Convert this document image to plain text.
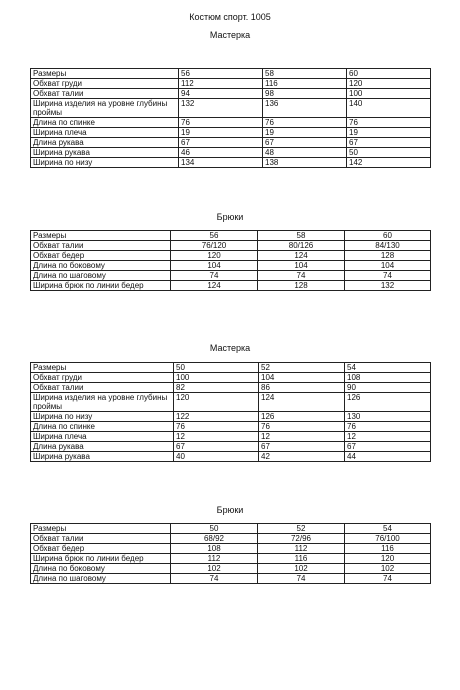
Костюм спорт. 1005
Мастерка
Размеры	56	58	60
Обхват груди	112	116	120
Обхват талии	94	98	100
Ширина изделия на уровне глубины проймы	132	136	140
Длина по спинке	76	76	76
Ширина плеча	19	19	19
Длина рукава	67	67	67
Ширина рукава	46	48	50
Ширина по низу	134	138	142
Брюки
Размеры	56	58	60
Обхват талии	76/120	80/126	84/130
Обхват бедер	120	124	128
Длина по боковому	104	104	104
Длина по шаговому	74	74	74
Ширина брюк по линии бедер	124	128	132
Мастерка
Размеры	50	52	54
Обхват груди	100	104	108
Обхват талии	82	86	90
Ширина изделия на уровне глубины проймы	120	124	126
Ширина по низу	122	126	130
Длина по спинке	76	76	76
Ширина плеча	12	12	12
Длина рукава	67	67	67
Ширина рукава	40	42	44
Брюки
Размеры	50	52	54
Обхват талии	68/92	72/96	76/100
Обхват бедер	108	112	116
Ширина брюк по линии бедер	112	116	120
Длина по боковому	102	102	102
Длина по шаговому	74	74	74
